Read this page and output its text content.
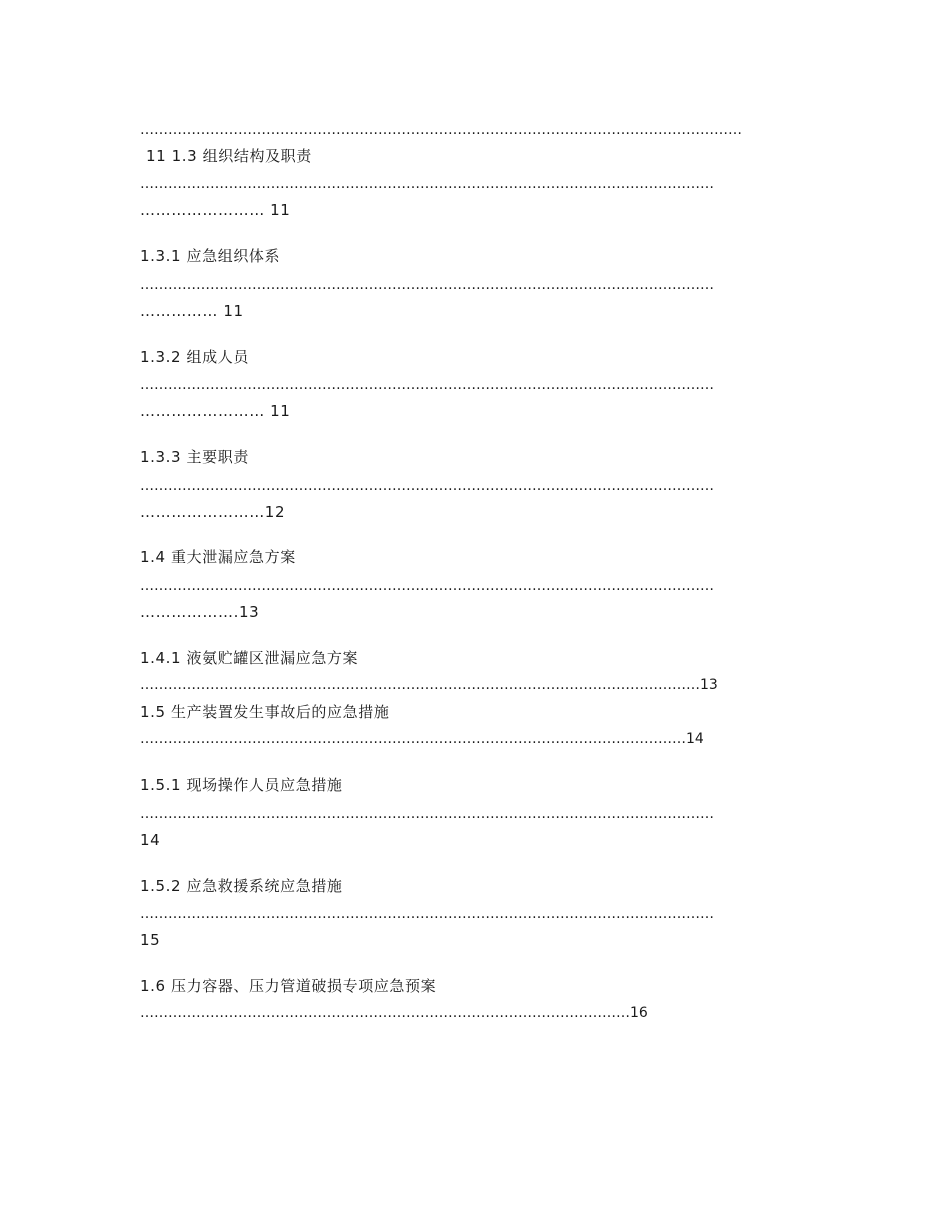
…………………………………………………………………………………………………………………
11 1.3 组织结构及职责
……………………………………………………………………………………………………………
…………………… 11
1.3.1 应急组织体系
……………………………………………………………………………………………………………
…………… 11
1.3.2 组成人员
……………………………………………………………………………………………………………
…………………… 11
1.3.3 主要职责
……………………………………………………………………………………………………………
……………………12
1.4 重大泄漏应急方案
……………………………………………………………………………………………………………
……………….13
1.4.1 液氨贮罐区泄漏应急方案
…………………………………………………………………………………………………………13
1.5 生产装置发生事故后的应急措施
………………………………………………………………………………………………………14
1.5.1 现场操作人员应急措施
……………………………………………………………………………………………………………
14
1.5.2 应急救援系统应急措施
……………………………………………………………………………………………………………
15
1.6 压力容器、压力管道破损专项应急预案
……………………………………………………………………………………………16
